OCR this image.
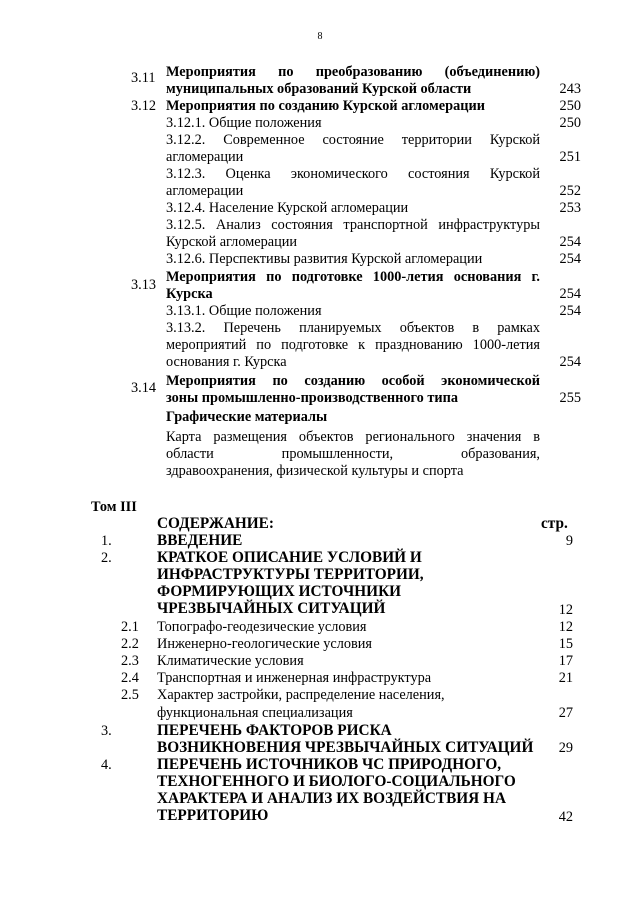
8
3.11 Мероприятия по преобразованию (объединению)
муниципальных образований Курской области	243
3.12 Мероприятия по созданию Курской агломерации	250
3.12.1. Общие положения	250
3.12.2. Современное состояние территории Курской
агломерации	251
3.12.3. Оценка экономического состояния Курской
агломерации	252
3.12.4. Население Курской агломерации	253
3.12.5. Анализ состояния транспортной инфраструктуры
Курской агломерации	254
3.12.6. Перспективы развития Курской агломерации	254
3.13 Мероприятия по подготовке 1000-летия основания г.
Курска	254
3.13.1. Общие положения	254
3.13.2. Перечень планируемых объектов в рамках
мероприятий по подготовке к празднованию 1000-летия
основания г. Курска	254
3.14 Мероприятия по созданию особой экономической
зоны промышленно-производственного типа	255
Графические материалы
Карта размещения объектов регионального значения в
области промышленности, образования,
здравоохранения, физической культуры и спорта
Том III
СОДЕРЖАНИЕ:	стр.
1.	ВВЕДЕНИЕ	9
2.	КРАТКОЕ ОПИСАНИЕ УСЛОВИЙ И
ИНФРАСТРУКТУРЫ ТЕРРИТОРИИ,
ФОРМИРУЮЩИХ ИСТОЧНИКИ
ЧРЕЗВЫЧАЙНЫХ СИТУАЦИЙ	12
2.1 Топографо-геодезические условия	12
2.2 Инженерно-геологические условия	15
2.3 Климатические условия	17
2.4 Транспортная и инженерная инфраструктура	21
2.5 Характер застройки, распределение населения,
функциональная специализация	27
3.	ПЕРЕЧЕНЬ ФАКТОРОВ РИСКА
ВОЗНИКНОВЕНИЯ ЧРЕЗВЫЧАЙНЫХ СИТУАЦИЙ	29
4.	ПЕРЕЧЕНЬ ИСТОЧНИКОВ ЧС ПРИРОДНОГО,
ТЕХНОГЕННОГО И БИОЛОГО-СОЦИАЛЬНОГО
ХАРАКТЕРА И АНАЛИЗ ИХ ВОЗДЕЙСТВИЯ НА
ТЕРРИТОРИЮ	42
